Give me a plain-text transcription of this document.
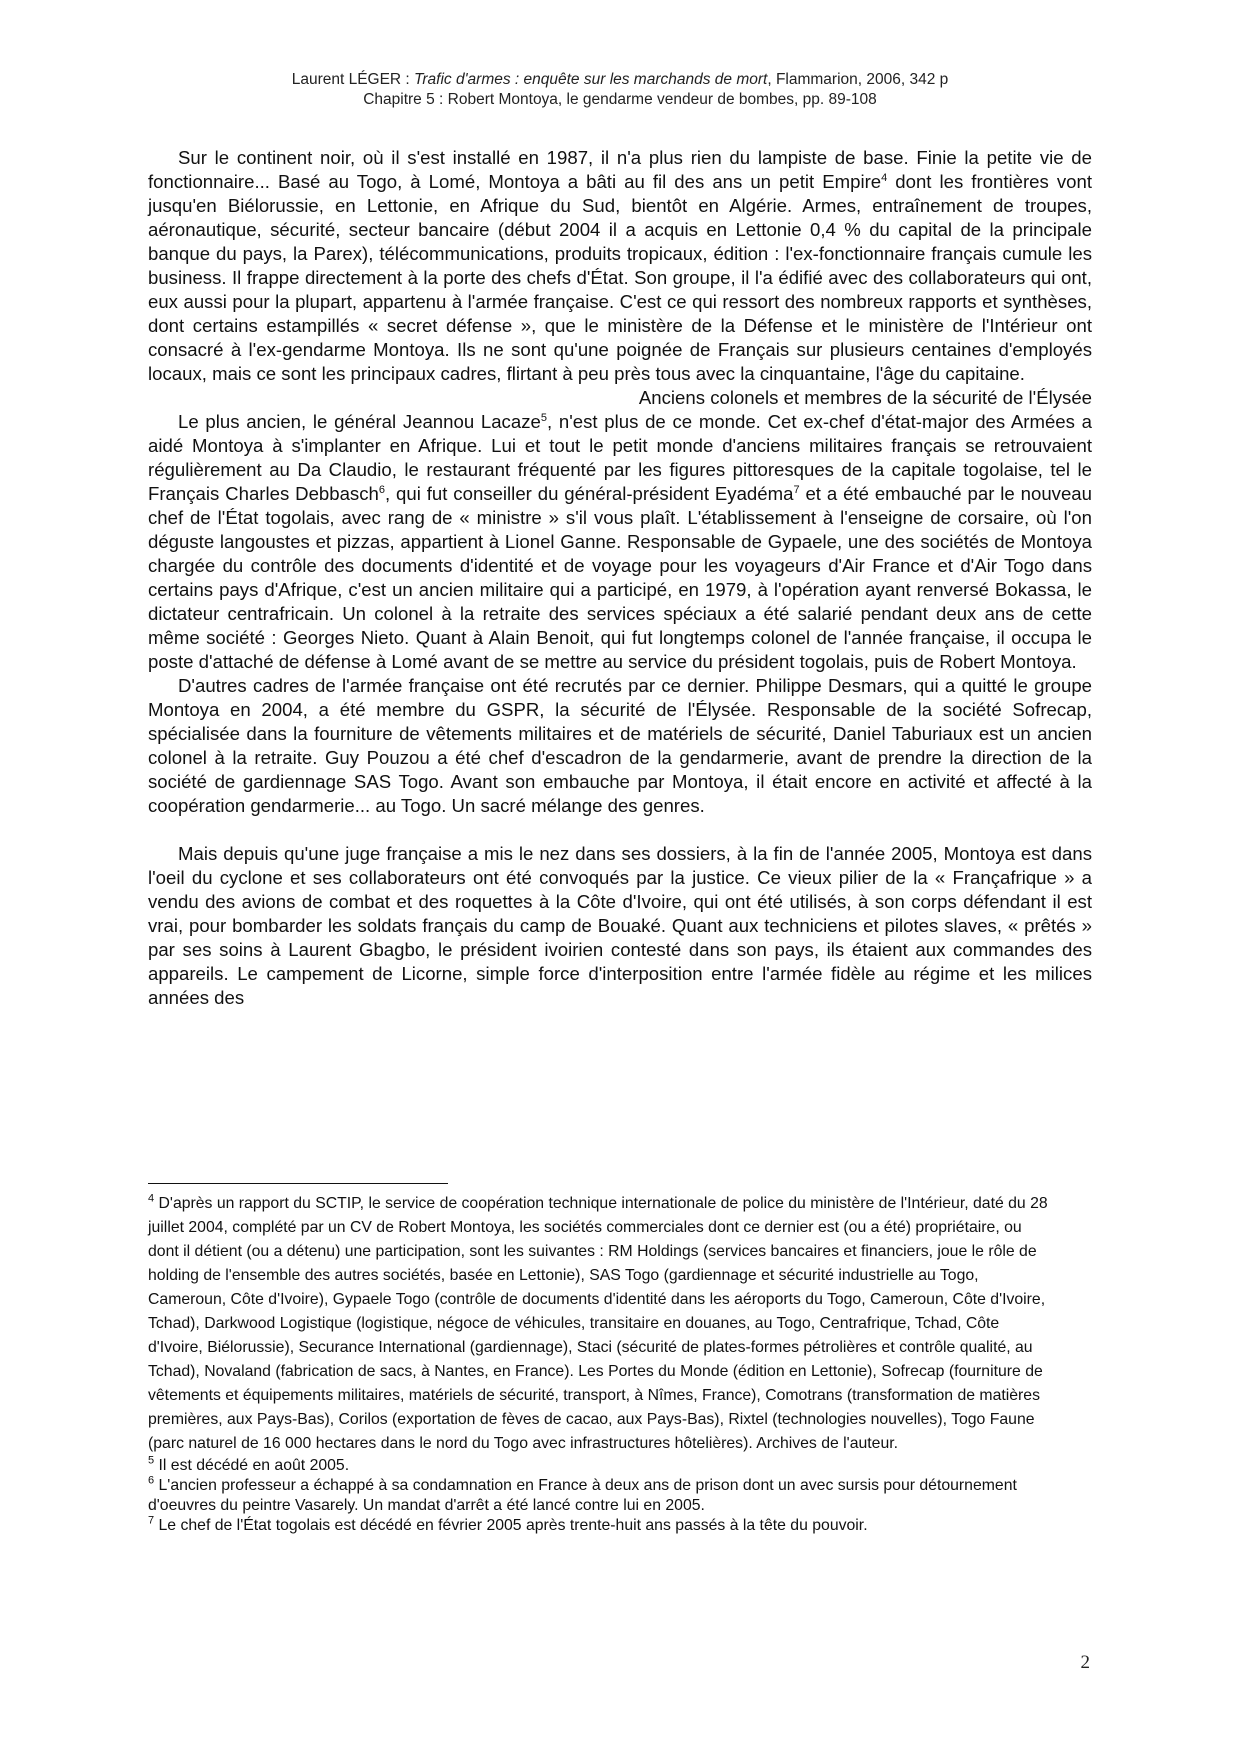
Laurent LÉGER : Trafic d'armes : enquête sur les marchands de mort, Flammarion, 2006, 342 p
Chapitre 5 : Robert Montoya, le gendarme vendeur de bombes, pp. 89-108

Sur le continent noir, où il s'est installé en 1987, il n'a plus rien du lampiste de base. Finie la petite vie de fonctionnaire... Basé au Togo, à Lomé, Montoya a bâti au fil des ans un petit Empire$^4$ dont les frontières vont jusqu'en Biélorussie, en Lettonie, en Afrique du Sud, bientôt en Algérie. Armes, entraînement de troupes, aéronautique, sécurité, secteur bancaire (début 2004 il a acquis en Lettonie 0,4 % du capital de la principale banque du pays, la Parex), télécommunications, produits tropicaux, édition : l'ex-fonctionnaire français cumule les business. Il frappe directement à la porte des chefs d'État. Son groupe, il l'a édifié avec des collaborateurs qui ont, eux aussi pour la plupart, appartenu à l'armée française. C'est ce qui ressort des nombreux rapports et synthèses, dont certains estampillés « secret défense », que le ministère de la Défense et le ministère de l'Intérieur ont consacré à l'ex-gendarme Montoya. Ils ne sont qu'une poignée de Français sur plusieurs centaines d'employés locaux, mais ce sont les principaux cadres, flirtant à peu près tous avec la cinquantaine, l'âge du capitaine.

Anciens colonels et membres de la sécurité de l'Élysée

Le plus ancien, le général Jeannou Lacaze$^5$, n'est plus de ce monde. Cet ex-chef d'état-major des Armées a aidé Montoya à s'implanter en Afrique. Lui et tout le petit monde d'anciens militaires français se retrouvaient régulièrement au Da Claudio, le restaurant fréquenté par les figures pittoresques de la capitale togolaise, tel le Français Charles Debbasch$^6$, qui fut conseiller du général-président Eyadéma$^7$ et a été embauché par le nouveau chef de l'État togolais, avec rang de « ministre » s'il vous plaît. L'établissement à l'enseigne de corsaire, où l'on déguste langoustes et pizzas, appartient à Lionel Ganne. Responsable de Gypaele, une des sociétés de Montoya chargée du contrôle des documents d'identité et de voyage pour les voyageurs d'Air France et d'Air Togo dans certains pays d'Afrique, c'est un ancien militaire qui a participé, en 1979, à l'opération ayant renversé Bokassa, le dictateur centrafricain. Un colonel à la retraite des services spéciaux a été salarié pendant deux ans de cette même société : Georges Nieto. Quant à Alain Benoit, qui fut longtemps colonel de l'année française, il occupa le poste d'attaché de défense à Lomé avant de se mettre au service du président togolais, puis de Robert Montoya.

D'autres cadres de l'armée française ont été recrutés par ce dernier. Philippe Desmars, qui a quitté le groupe Montoya en 2004, a été membre du GSPR, la sécurité de l'Élysée. Responsable de la société Sofrecap, spécialisée dans la fourniture de vêtements militaires et de matériels de sécurité, Daniel Taburiaux est un ancien colonel à la retraite. Guy Pouzou a été chef d'escadron de la gendarmerie, avant de prendre la direction de la société de gardiennage SAS Togo. Avant son embauche par Montoya, il était encore en activité et affecté à la coopération gendarmerie... au Togo. Un sacré mélange des genres.

Mais depuis qu'une juge française a mis le nez dans ses dossiers, à la fin de l'année 2005, Montoya est dans l'oeil du cyclone et ses collaborateurs ont été convoqués par la justice. Ce vieux pilier de la « Françafrique » a vendu des avions de combat et des roquettes à la Côte d'Ivoire, qui ont été utilisés, à son corps défendant il est vrai, pour bombarder les soldats français du camp de Bouaké. Quant aux techniciens et pilotes slaves, « prêtés » par ses soins à Laurent Gbagbo, le président ivoirien contesté dans son pays, ils étaient aux commandes des appareils. Le campement de Licorne, simple force d'interposition entre l'armée fidèle au régime et les milices années des

$^4$ D'après un rapport du SCTIP, le service de coopération technique internationale de police du ministère de l'Intérieur, daté du 28 juillet 2004, complété par un CV de Robert Montoya, les sociétés commerciales dont ce dernier est (ou a été) propriétaire, ou dont il détient (ou a détenu) une participation, sont les suivantes : RM Holdings (services bancaires et financiers, joue le rôle de holding de l'ensemble des autres sociétés, basée en Lettonie), SAS Togo (gardiennage et sécurité industrielle au Togo, Cameroun, Côte d'Ivoire), Gypaele Togo (contrôle de documents d'identité dans les aéroports du Togo, Cameroun, Côte d'Ivoire, Tchad), Darkwood Logistique (logistique, négoce de véhicules, transitaire en douanes, au Togo, Centrafrique, Tchad, Côte d'Ivoire, Biélorussie), Securance International (gardiennage), Staci (sécurité de plates-formes pétrolières et contrôle qualité, au Tchad), Novaland (fabrication de sacs, à Nantes, en France). Les Portes du Monde (édition en Lettonie), Sofrecap (fourniture de vêtements et équipements militaires, matériels de sécurité, transport, à Nîmes, France), Comotrans (transformation de matières premières, aux Pays-Bas), Corilos (exportation de fèves de cacao, aux Pays-Bas), Rixtel (technologies nouvelles), Togo Faune (parc naturel de 16 000 hectares dans le nord du Togo avec infrastructures hôtelières). Archives de l'auteur.

$^5$ Il est décédé en août 2005.

$^6$ L'ancien professeur a échappé à sa condamnation en France à deux ans de prison dont un avec sursis pour détournement d'oeuvres du peintre Vasarely. Un mandat d'arrêt a été lancé contre lui en 2005.

$^7$ Le chef de l'État togolais est décédé en février 2005 après trente-huit ans passés à la tête du pouvoir.

2
